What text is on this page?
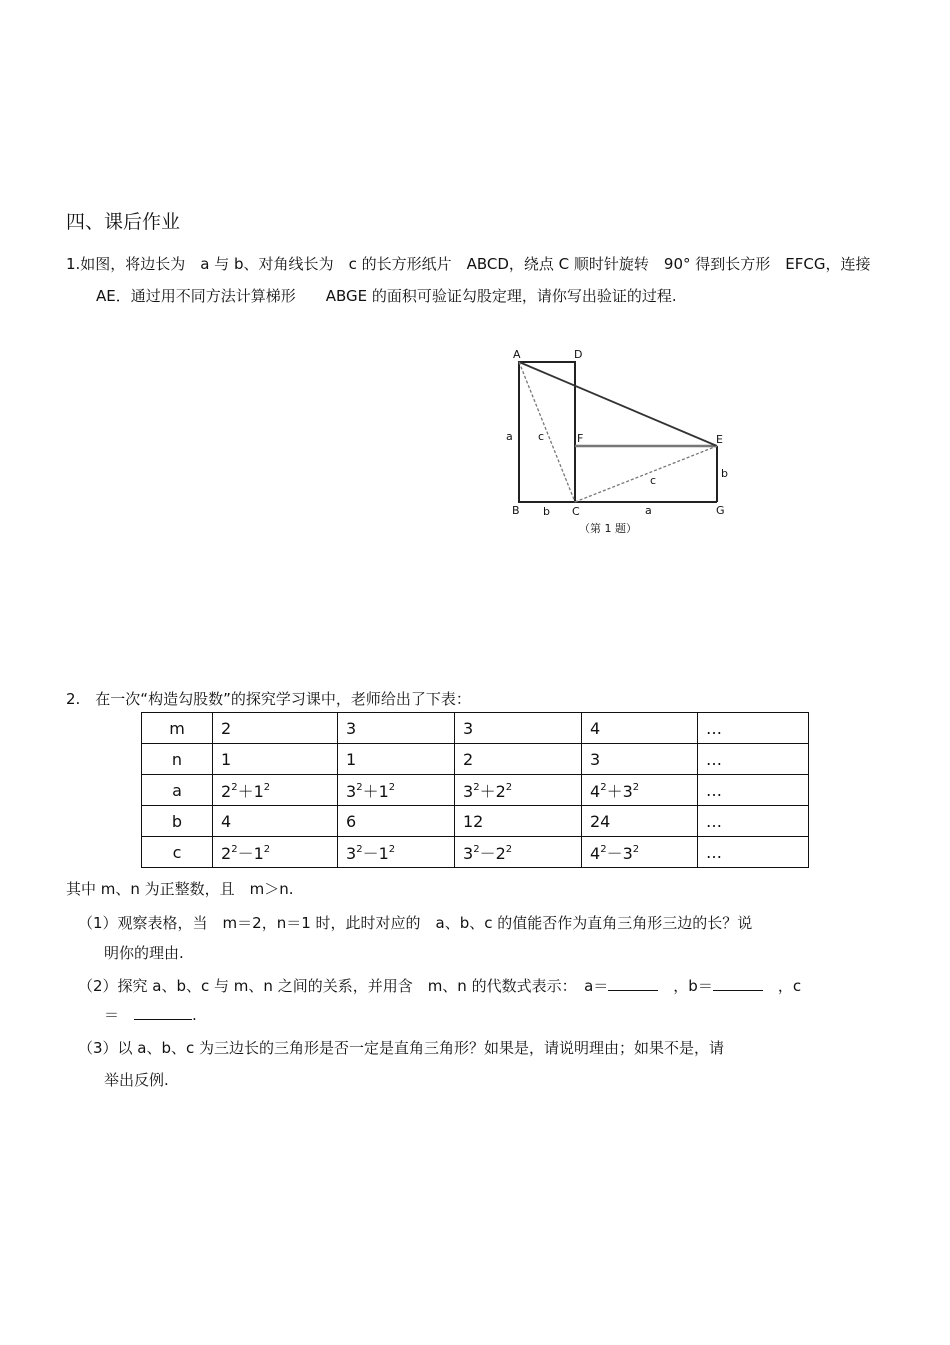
四、课后作业
1.如图，将边长为　a 与 b、对角线长为　c 的长方形纸片　ABCD，绕点 C 顺时针旋转　90° 得到长方形　EFCG，连接
AE．通过用不同方法计算梯形　　ABGE 的面积可验证勾股定理，请你写出验证的过程.
A	D
F	E
B	C	G
a c
b
c
a
b
（第 1 题）
2.　在一次“构造勾股数”的探究学习课中，老师给出了下表：
m	2	3	3	4	…
n	1	1	2	3	…
a	$2^2+1^2$	$3^2+1^2$	$3^2+2^2$	$4^2+3^2$	…
b	4	6	12	24	…
c	$2^2-1^2$	$3^2-1^2$	$3^2-2^2$	$4^2-3^2$	…
其中 m、n 为正整数，且　m＞n.
（1）观察表格，当　m＝2，n＝1 时，此时对应的　a、b、c 的值能否作为直角三角形三边的长？说
明你的理由.
（2）探究 a、b、c 与 m、n 之间的关系，并用含　m、n 的代数式表示：　a＝　	，b＝　	，c
＝　	.
（3）以 a、b、c 为三边长的三角形是否一定是直角三角形？如果是，请说明理由；如果不是，请
举出反例.
